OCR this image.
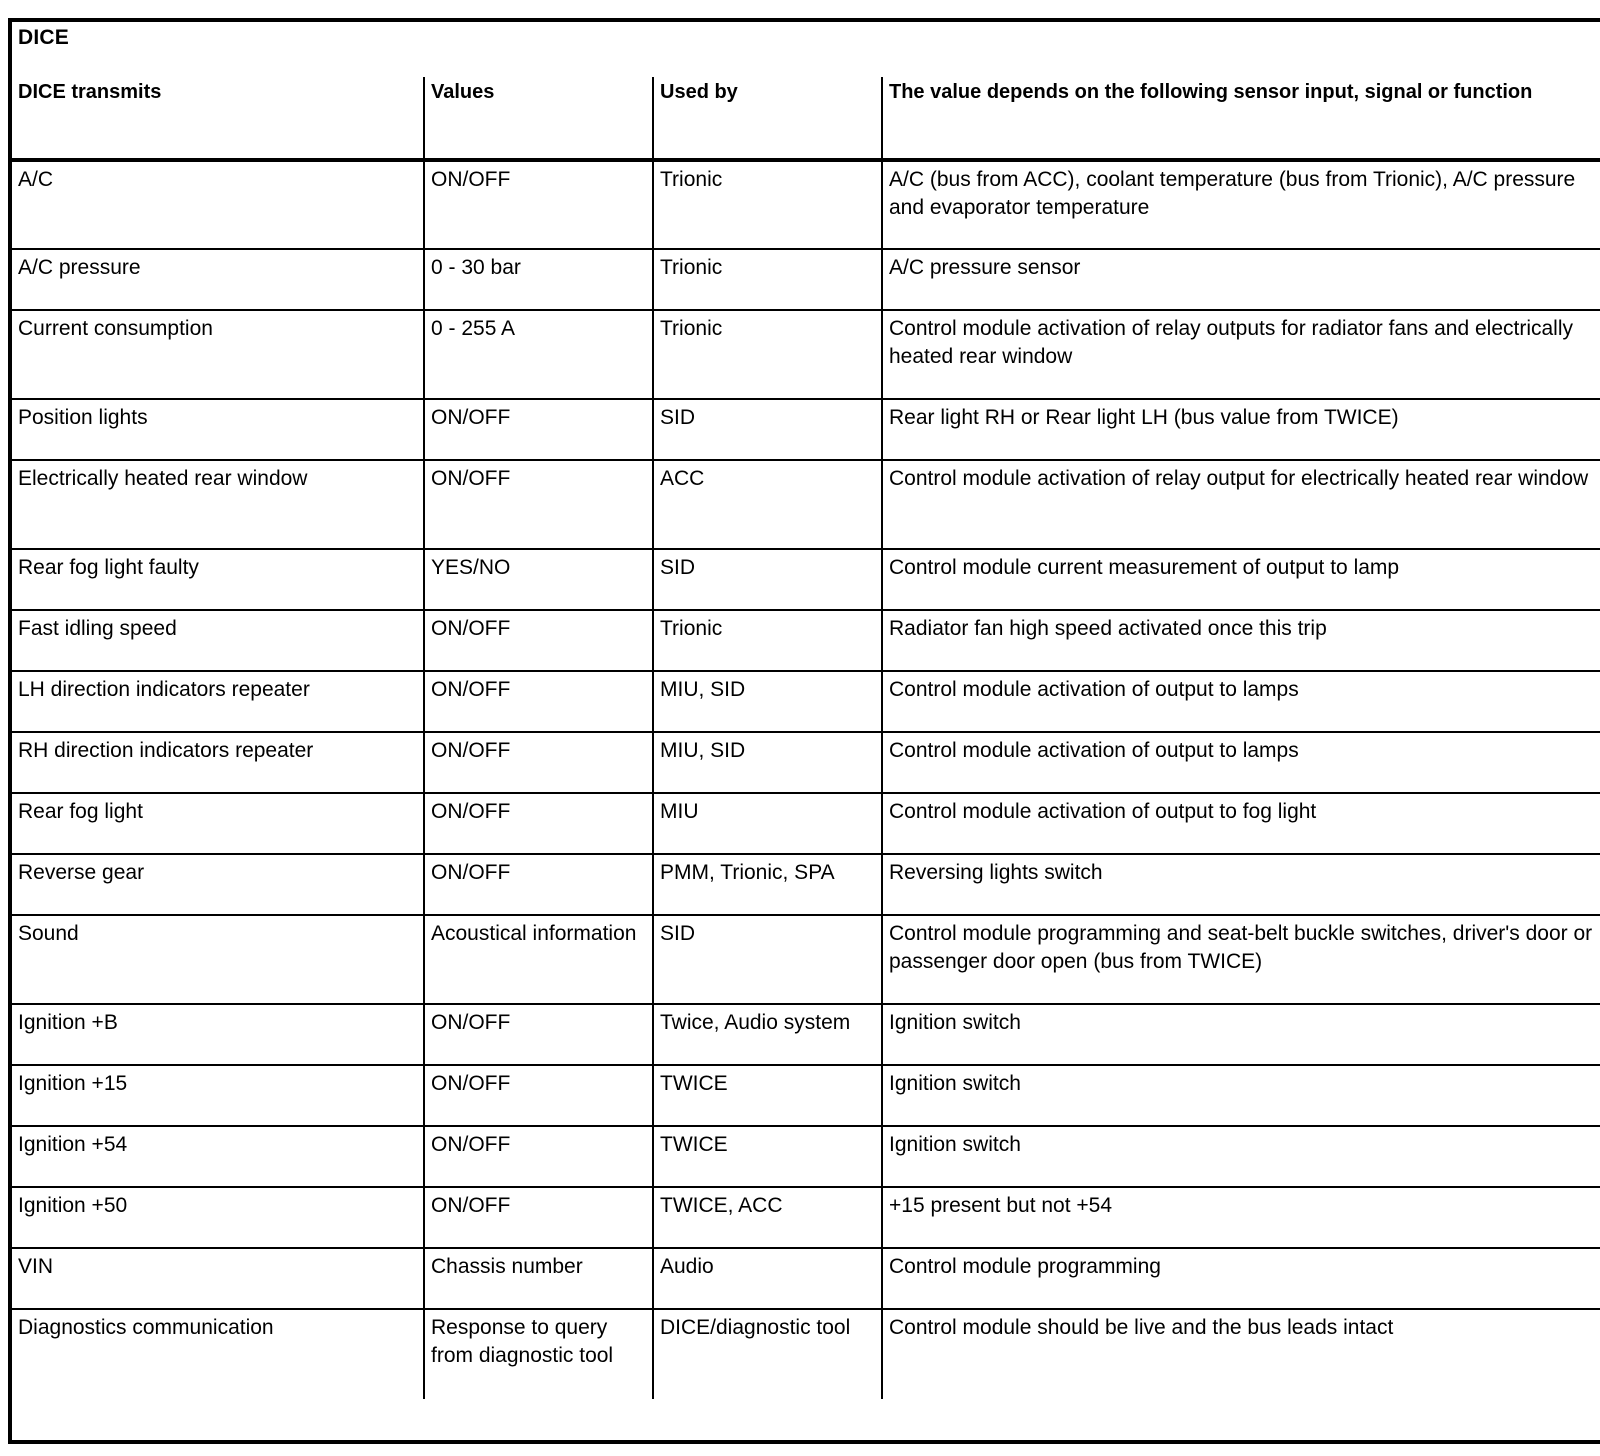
DICE
DICE transmits	Values	Used by	The value depends on the following sensor input, signal or function
A/C	ON/OFF	Trionic	A/C (bus from ACC), coolant temperature (bus from Trionic), A/C pressure and evaporator temperature
A/C pressure	0 - 30 bar	Trionic	A/C pressure sensor
Current consumption	0 - 255 A	Trionic	Control module activation of relay outputs for radiator fans and electrically heated rear window
Position lights	ON/OFF	SID	Rear light RH or Rear light LH (bus value from TWICE)
Electrically heated rear window	ON/OFF	ACC	Control module activation of relay output for electrically heated rear window
Rear fog light faulty	YES/NO	SID	Control module current measurement of output to lamp
Fast idling speed	ON/OFF	Trionic	Radiator fan high speed activated once this trip
LH direction indicators repeater	ON/OFF	MIU, SID	Control module activation of output to lamps
RH direction indicators repeater	ON/OFF	MIU, SID	Control module activation of output to lamps
Rear fog light	ON/OFF	MIU	Control module activation of output to fog light
Reverse gear	ON/OFF	PMM, Trionic, SPA	Reversing lights switch
Sound	Acoustical information	SID	Control module programming and seat-belt buckle switches, driver's door or passenger door open (bus from TWICE)
Ignition +B	ON/OFF	Twice, Audio system	Ignition switch
Ignition +15	ON/OFF	TWICE	Ignition switch
Ignition +54	ON/OFF	TWICE	Ignition switch
Ignition +50	ON/OFF	TWICE, ACC	+15 present but not +54
VIN	Chassis number	Audio	Control module programming
Diagnostics communication	Response to query from diagnostic tool	DICE/diagnostic tool	Control module should be live and the bus leads intact
